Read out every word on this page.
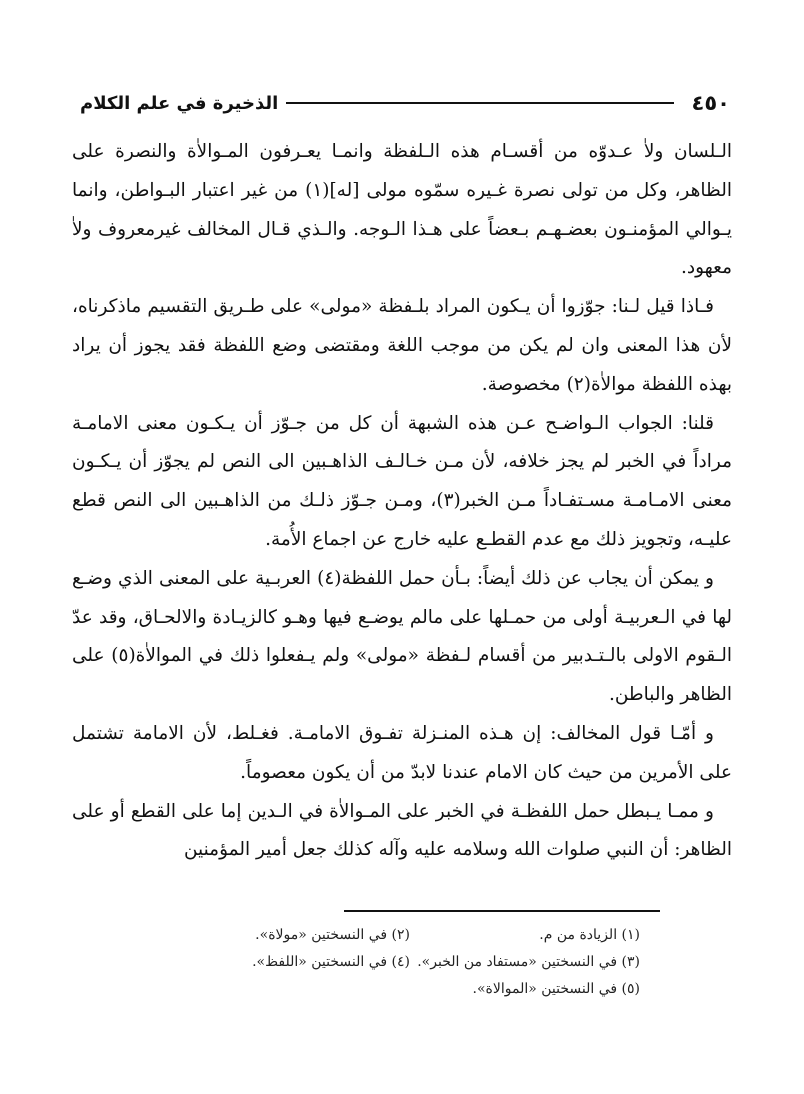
٤٥٠
الذخيرة في علم الكلام

الـلسان ولاٰ عـدوّه من أقسـام هذه الـلفظة وانمـا يعـرفون المـوالاٰة والنصرة على الظاهر، وكل من تولى نصرة غـيره سمّوه مولى [له](١) من غير اعتبار البـواطن، وانما يـوالي المؤمنـون بعضـهـم بـعضاً على هـذا الـوجه. والـذي قـال المخالف غيرمعروف ولاٰ معهود.

فـاذا قيل لـنا: جوّزوا أن يـكون المراد بلـفظة «مولى» على طـريق التقسيم ماذكرناه، لأن هذا المعنى وان لم يكن من موجب اللغة ومقتضى وضع اللفظة فقد يجوز أن يراد بهذه اللفظة موالاٰة(٢) مخصوصة.

قلنا: الجواب الـواضـح عـن هذه الشبهة أن كل من جـوّز أن يـكـون معنى الامامـة مراداً في الخبر لم يجز خلافه، لأن مـن خـالـف الذاهـبين الى النص لم يجوّز أن يـكـون معنى الامـامـة مسـتفـاداً مـن الخبر(٣)، ومـن جـوّز ذلـك من الذاهـبين الى النص قطع عليـه، وتجويز ذلك مع عدم القطـع عليه خارج عن اجماع الأُمة.

و يمكن أن يجاب عن ذلك أيضاً: بـأن حمل اللفظة(٤) العربـية على المعنى الذي وضـع لها في الـعربيـة أولى من حمـلها على مالم يوضـع فيها وهـو كالزيـادة والالحـاق، وقد عدّ الـقوم الاولى بالـتـدبير من أقسام لـفظة «مولى» ولم يـفعلوا ذلك في الموالاٰة(٥) على الظاهر والباطن.

و أمّـا قول المخالف: إن هـذه المنـزلة تفـوق الامامـة. فغـلط، لأن الامامة تشتمل على الأمرين من حيث كان الامام عندنا لابدّ من أن يكون معصوماً.

و ممـا يـبطل حمل اللفظـة في الخبر على المـوالاٰة في الـدين إما على القطع أو على الظاهر: أن النبي صلوات الله وسلامه عليه وآله كذلك جعل أمير المؤمنين

(١) الزيادة من م.
(٢) في النسختين «مولاة».
(٣) في النسختين «مستفاد من الخبر».
(٤) في النسختين «اللفظ».
(٥) في النسختين «الموالاة».
